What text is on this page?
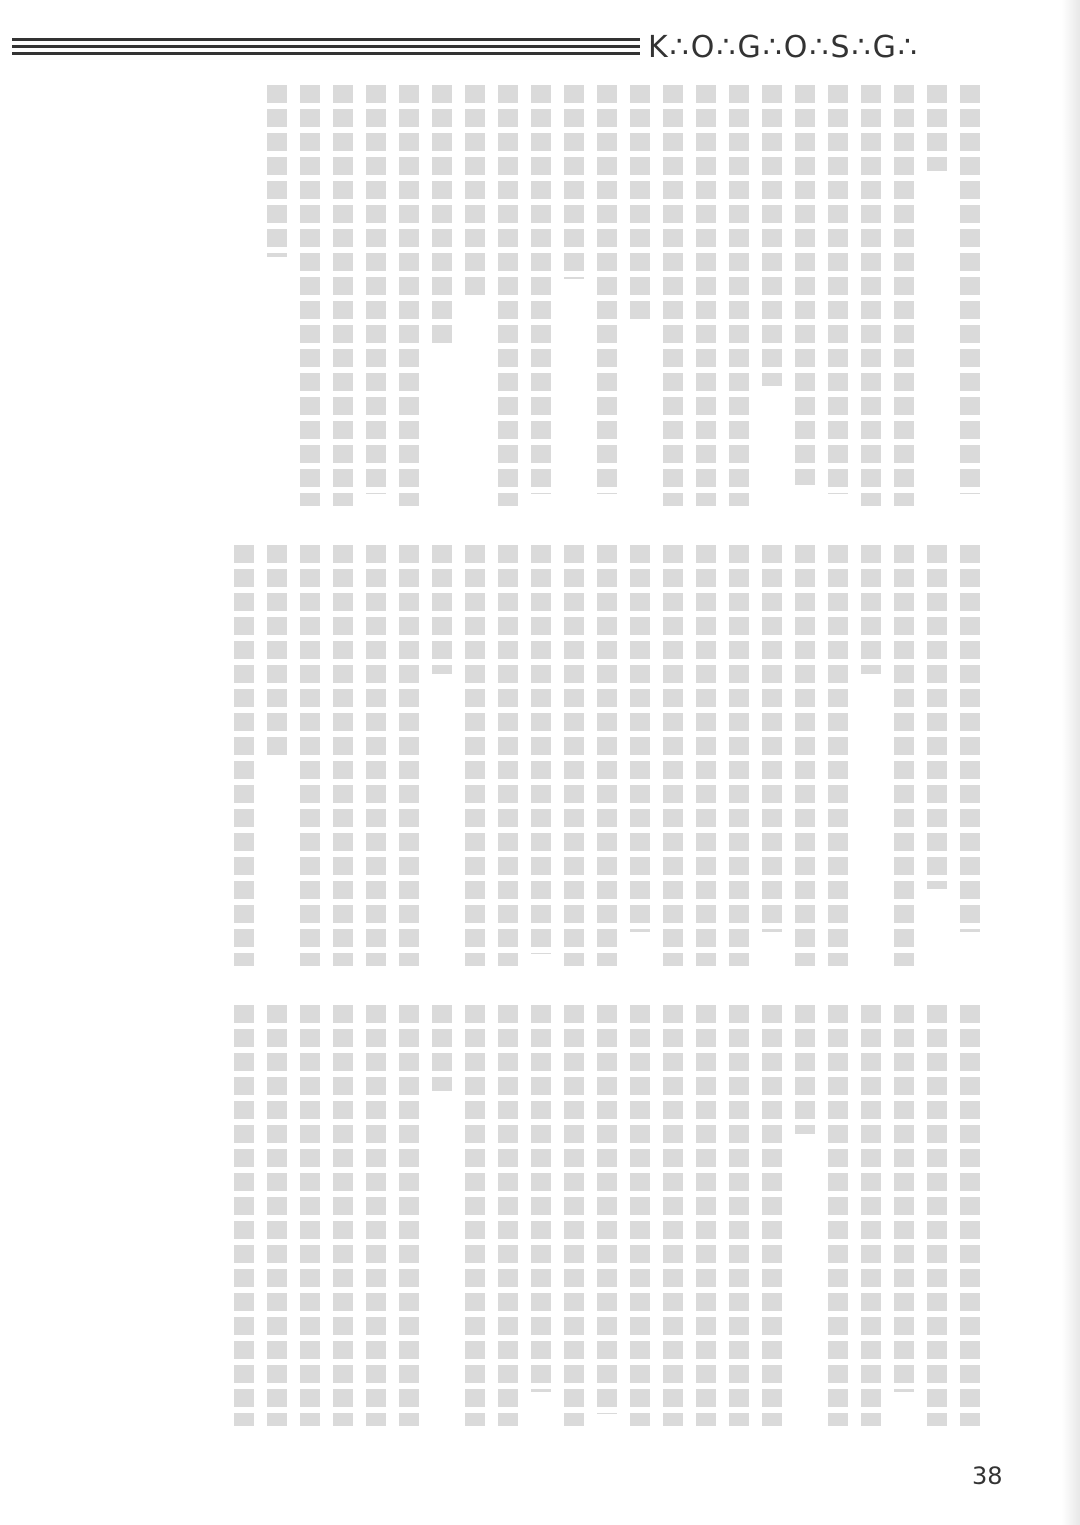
K∴O∴G∴O∴S∴G∴
38
